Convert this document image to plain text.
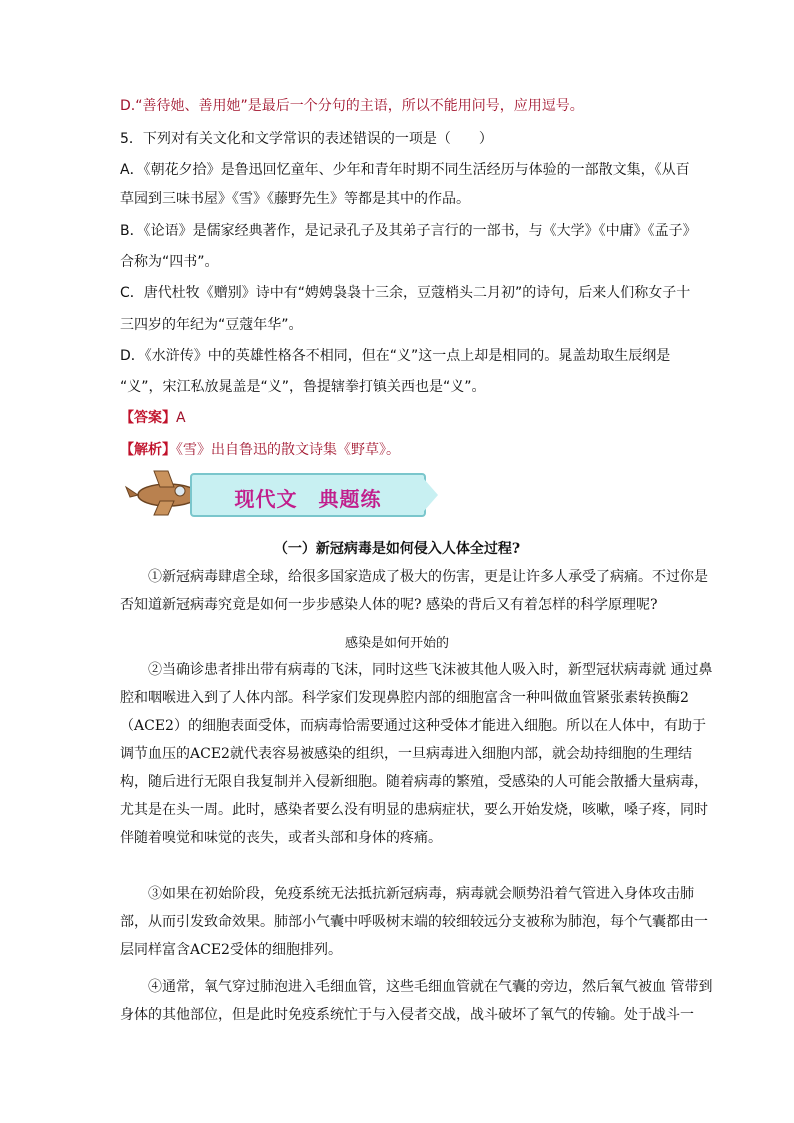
D.“善待她、善用她”是最后一个分句的主语，所以不能用问号，应用逗号。
5．下列对有关文化和文学常识的表述错误的一项是（　　）
A．《朝花夕拾》是鲁迅回忆童年、少年和青年时期不同生活经历与体验的一部散文集，《从百
草园到三味书屋》《雪》《藤野先生》等都是其中的作品。
B．《论语》是儒家经典著作，是记录孔子及其弟子言行的一部书，与《大学》《中庸》《孟子》
合称为“四书”。
C．唐代杜牧《赠别》诗中有“娉娉袅袅十三余，豆蔻梢头二月初”的诗句，后来人们称女子十
三四岁的年纪为“豆蔻年华”。
D．《水浒传》中的英雄性格各不相同，但在“义”这一点上却是相同的。晁盖劫取生辰纲是
“义”，宋江私放晁盖是“义”，鲁提辖拳打镇关西也是“义”。
【答案】A
【解析】《雪》出自鲁迅的散文诗集《野草》。
现代文　典题练
（一）新冠病毒是如何侵入人体全过程?
①新冠病毒肆虐全球，给很多国家造成了极大的伤害，更是让许多人承受了病痛。不过你是否知道新冠病毒究竟是如何一步步感染人体的呢? 感染的背后又有着怎样的科学原理呢?
感染是如何开始的
②当确诊患者排出带有病毒的飞沫，同时这些飞沫被其他人吸入时，新型冠状病毒就 通过鼻腔和咽喉进入到了人体内部。科学家们发现鼻腔内部的细胞富含一种叫做血管紧张素转换酶2（ACE2）的细胞表面受体，而病毒恰需要通过这种受体才能进入细胞。所以在人体中，有助于调节血压的ACE2就代表容易被感染的组织，一旦病毒进入细胞内部，就会劫持细胞的生理结构，随后进行无限自我复制并入侵新细胞。随着病毒的繁殖，受感染的人可能会散播大量病毒，尤其是在头一周。此时，感染者要么没有明显的患病症状，要么开始发烧，咳嗽，嗓子疼，同时伴随着嗅觉和味觉的丧失，或者头部和身体的疼痛。
③如果在初始阶段，免疫系统无法抵抗新冠病毒，病毒就会顺势沿着气管进入身体攻击肺部，从而引发致命效果。肺部小气囊中呼吸树末端的较细较远分支被称为肺泡，每个气囊都由一层同样富含ACE2受体的细胞排列。
④通常，氧气穿过肺泡进入毛细血管，这些毛细血管就在气囊的旁边，然后氧气被血 管带到身体的其他部位，但是此时免疫系统忙于与入侵者交战，战斗破坏了氧气的传输。处于战斗一
